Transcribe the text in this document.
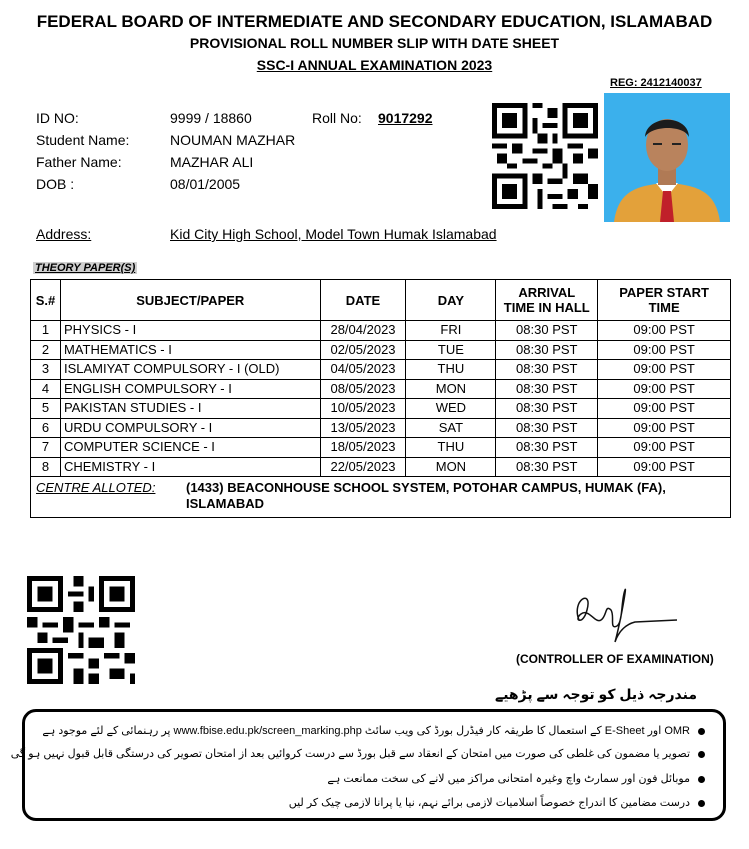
FEDERAL BOARD OF INTERMEDIATE AND SECONDARY EDUCATION, ISLAMABAD
PROVISIONAL ROLL NUMBER SLIP WITH DATE SHEET
SSC-I ANNUAL EXAMINATION 2023
REG: 2412140037
ID NO:	9999 / 18860	Roll No: 9017292
Student Name:	NOUMAN MAZHAR
Father Name:	MAZHAR ALI
DOB :	08/01/2005
Address:	Kid City High School, Model Town Humak Islamabad
THEORY PAPER(S)
S.#	SUBJECT/PAPER	DATE	DAY	ARRIVAL
TIME IN HALL	PAPER START
TIME
1	PHYSICS - I	28/04/2023	FRI	08:30 PST	09:00 PST
2	MATHEMATICS - I	02/05/2023	TUE	08:30 PST	09:00 PST
3	ISLAMIYAT COMPULSORY - I (OLD)	04/05/2023	THU	08:30 PST	09:00 PST
4	ENGLISH COMPULSORY - I	08/05/2023	MON	08:30 PST	09:00 PST
5	PAKISTAN STUDIES - I	10/05/2023	WED	08:30 PST	09:00 PST
6	URDU COMPULSORY - I	13/05/2023	SAT	08:30 PST	09:00 PST
7	COMPUTER SCIENCE - I	18/05/2023	THU	08:30 PST	09:00 PST
8	CHEMISTRY - I	22/05/2023	MON	08:30 PST	09:00 PST

CENTRE ALLOTED: (1433) BEACONHOUSE SCHOOL SYSTEM, POTOHAR CAMPUS, HUMAK (FA), ISLAMABAD					
(CONTROLLER OF EXAMINATION)
مندرجہ ذیل کو توجہ سے پڑھیے
OMR اور E-Sheet کے استعمال کا طریقہ کار فیڈرل بورڈ کی ویب سائٹ www.fbise.edu.pk/screen_marking.php پر رہنمائی کے لئے موجود ہے
تصویر یا مضمون کی غلطی کی صورت میں امتحان کے انعقاد سے قبل بورڈ سے درست کروائیں بعد از امتحان تصویر کی درستگی قابل قبول نہیں ہو گی
موبائل فون اور سمارٹ واچ وغیرہ امتحانی مراکز میں لانے کی سخت ممانعت ہے
درست مضامین کا اندراج خصوصاً اسلامیات لازمی برائے نہم، نیا یا پرانا لازمی چیک کر لیں
